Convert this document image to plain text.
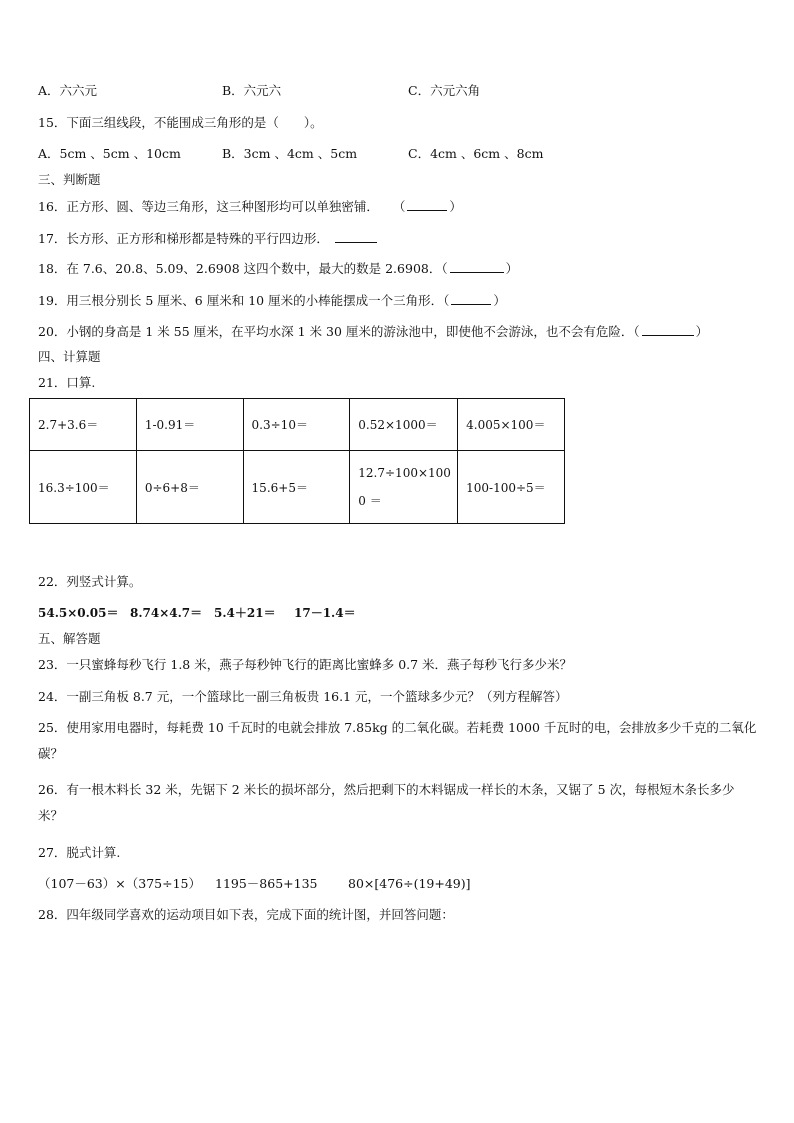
A．六六元	B．六元六	C．六元六角
15．下面三组线段，不能围成三角形的是（　　）。
A．5cm 、5cm 、10cm	B．3cm 、4cm 、5cm	C．4cm 、6cm 、8cm
三、判断题
16．正方形、圆、等边三角形，这三种图形均可以单独密铺． （	）
17．长方形、正方形和梯形都是特殊的平行四边形．
18．在 7.6、20.8、5.09、2.6908 这四个数中，最大的数是 2.6908．（	）
19．用三根分别长 5 厘米、6 厘米和 10 厘米的小棒能摆成一个三角形．（	）
20．小钢的身高是 1 米 55 厘米，在平均水深 1 米 30 厘米的游泳池中，即使他不会游泳，也不会有危险．（	）
四、计算题
21．口算.
2.7+3.6＝	1-0.91＝	0.3÷10＝	0.52×1000＝	4.005×100＝
16.3÷100＝	0÷6+8＝	15.6+5＝	12.7÷100×1000 ＝	100-100÷5＝
22．列竖式计算。
54.5×0.05＝ 8.74×4.7＝ 5.4＋21＝ 17－1.4＝
五、解答题
23．一只蜜蜂每秒飞行 1.8 米，燕子每秒钟飞行的距离比蜜蜂多 0.7 米．燕子每秒飞行多少米？
24．一副三角板 8.7 元，一个篮球比一副三角板贵 16.1 元，一个篮球多少元？（列方程解答）
25．使用家用电器时，每耗费 10 千瓦时的电就会排放 7.85kg 的二氧化碳。若耗费 1000 千瓦时的电，会排放多少千克的二氧化碳？
26．有一根木料长 32 米，先锯下 2 米长的损坏部分，然后把剩下的木料锯成一样长的木条，又锯了 5 次，每根短木条长多少米？
27．脱式计算.
（107－63）×（375÷15） 1195－865+135 80×[476÷(19+49)]
28．四年级同学喜欢的运动项目如下表，完成下面的统计图，并回答问题：
